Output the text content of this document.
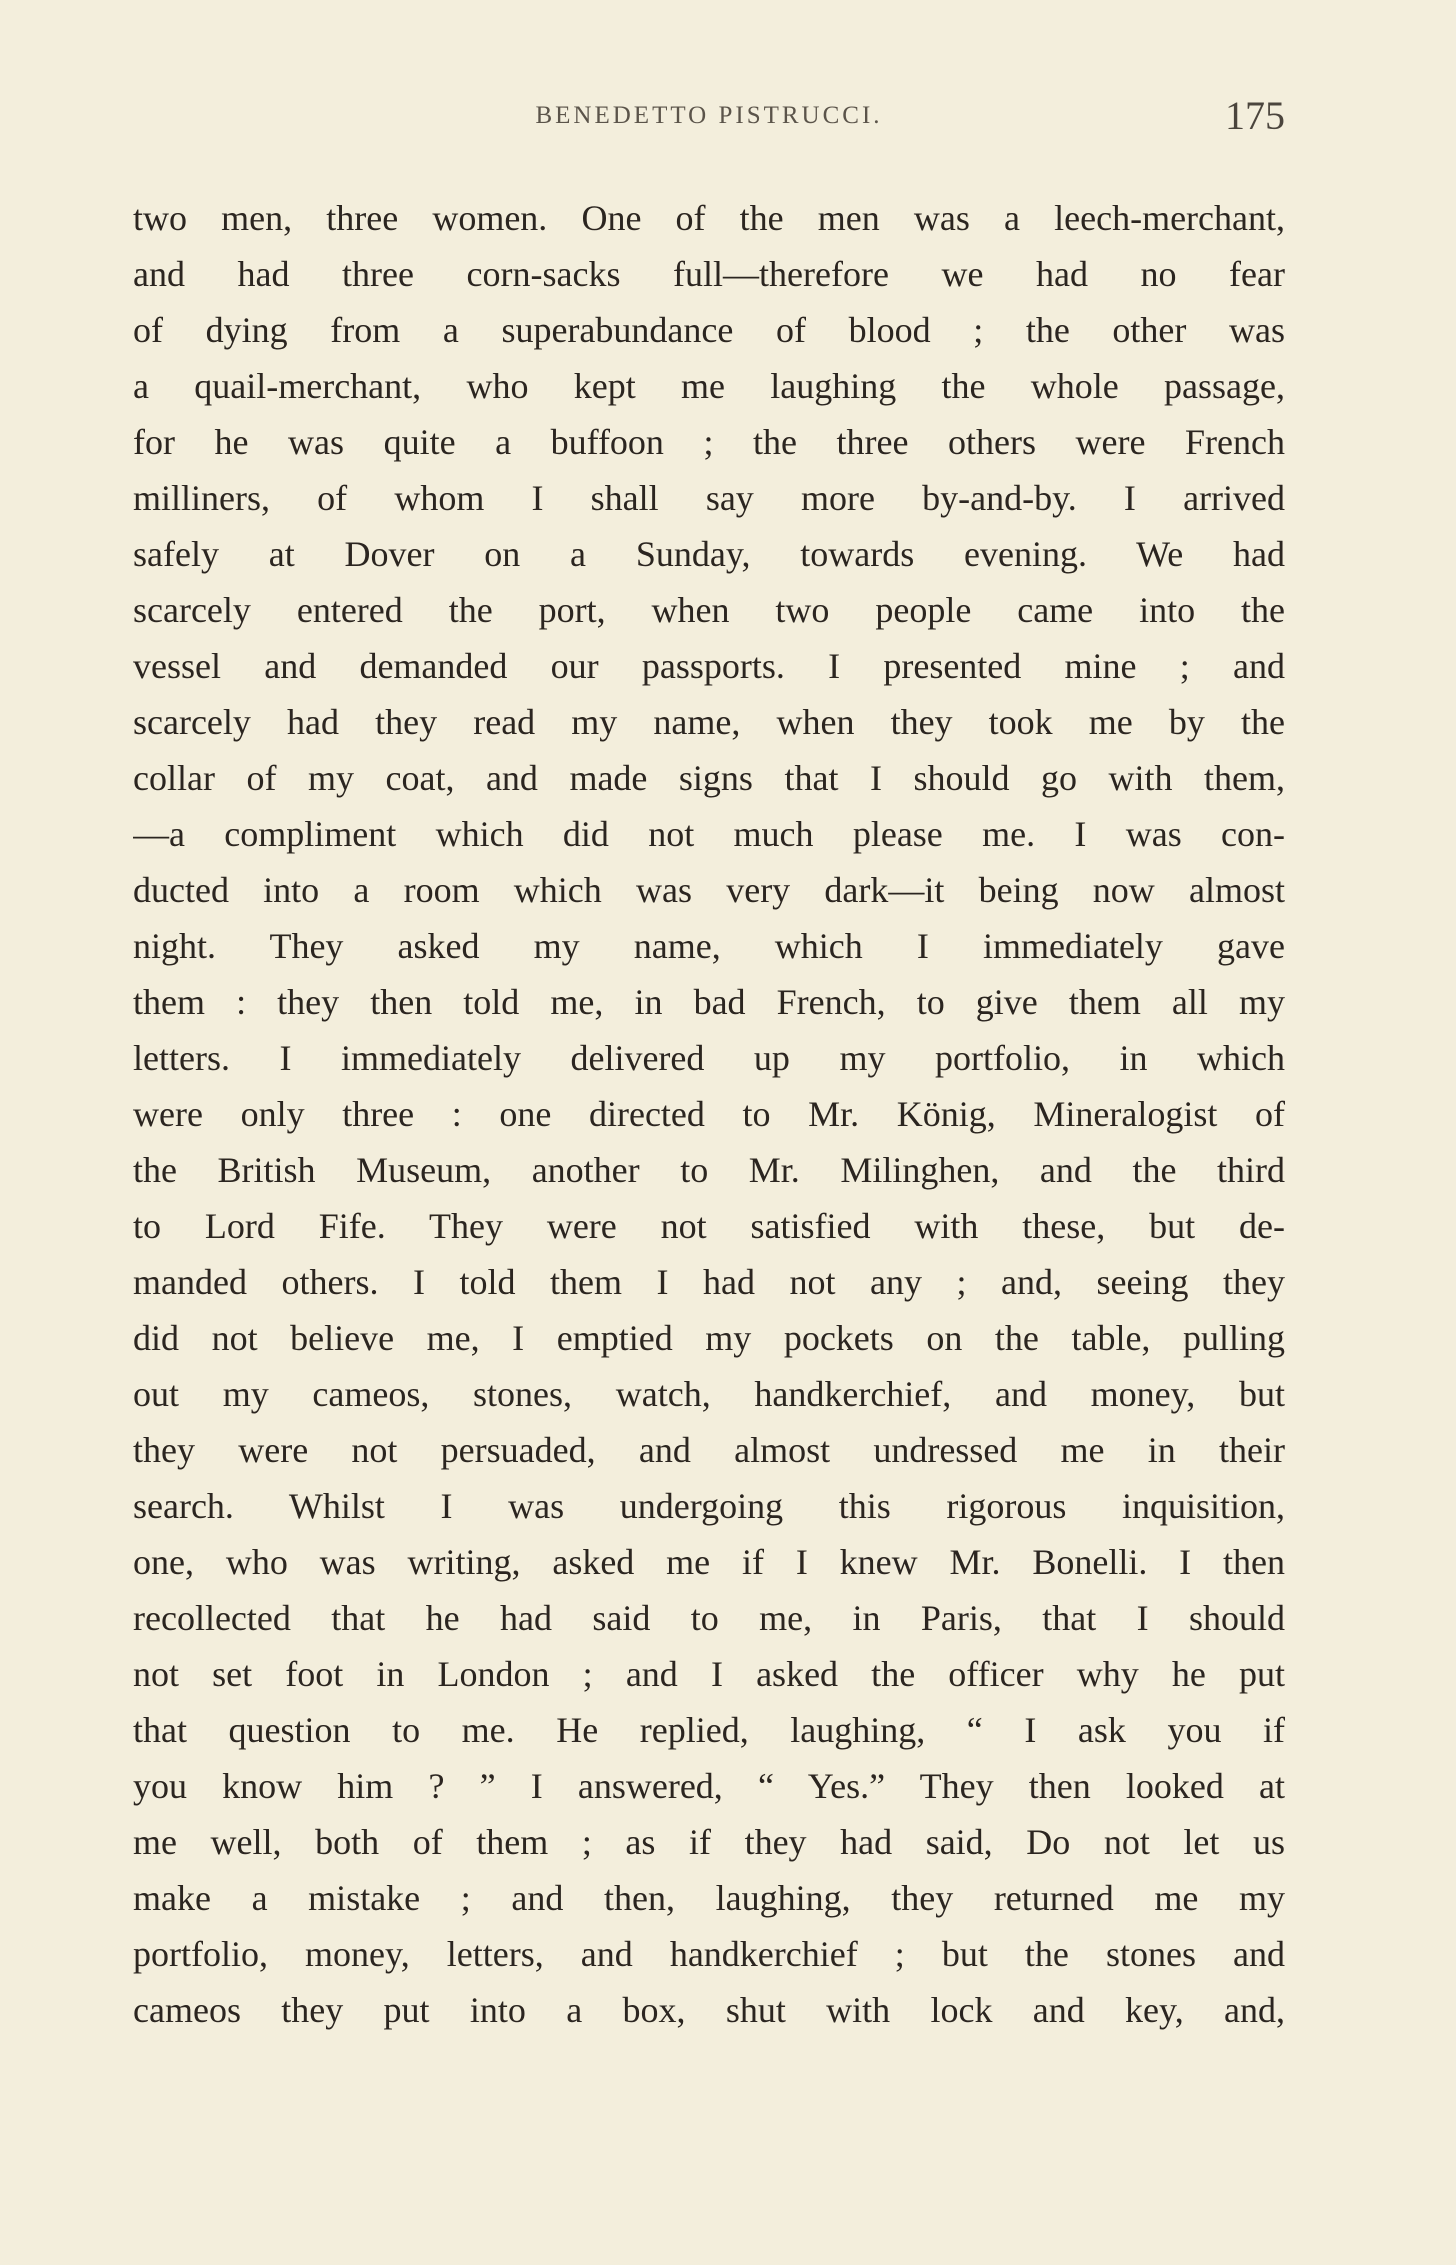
BENEDETTO PISTRUCCI.	175
two men, three women. One of the men was a leech-merchant,
and had three corn-sacks full—therefore we had no fear
of dying from a superabundance of blood ; the other was
a quail-merchant, who kept me laughing the whole passage,
for he was quite a buffoon ; the three others were French
milliners, of whom I shall say more by-and-by. I arrived
safely at Dover on a Sunday, towards evening. We had
scarcely entered the port, when two people came into the
vessel and demanded our passports. I presented mine ; and
scarcely had they read my name, when they took me by the
collar of my coat, and made signs that I should go with them,
—a compliment which did not much please me. I was con-
ducted into a room which was very dark—it being now almost
night. They asked my name, which I immediately gave
them : they then told me, in bad French, to give them all my
letters. I immediately delivered up my portfolio, in which
were only three : one directed to Mr. König, Mineralogist of
the British Museum, another to Mr. Milinghen, and the third
to Lord Fife. They were not satisfied with these, but de-
manded others. I told them I had not any ; and, seeing they
did not believe me, I emptied my pockets on the table, pulling
out my cameos, stones, watch, handkerchief, and money, but
they were not persuaded, and almost undressed me in their
search. Whilst I was undergoing this rigorous inquisition,
one, who was writing, asked me if I knew Mr. Bonelli. I then
recollected that he had said to me, in Paris, that I should
not set foot in London ; and I asked the officer why he put
that question to me. He replied, laughing, “ I ask you if
you know him ? ” I answered, “ Yes.” They then looked at
me well, both of them ; as if they had said, Do not let us
make a mistake ; and then, laughing, they returned me my
portfolio, money, letters, and handkerchief ; but the stones and
cameos they put into a box, shut with lock and key, and,
